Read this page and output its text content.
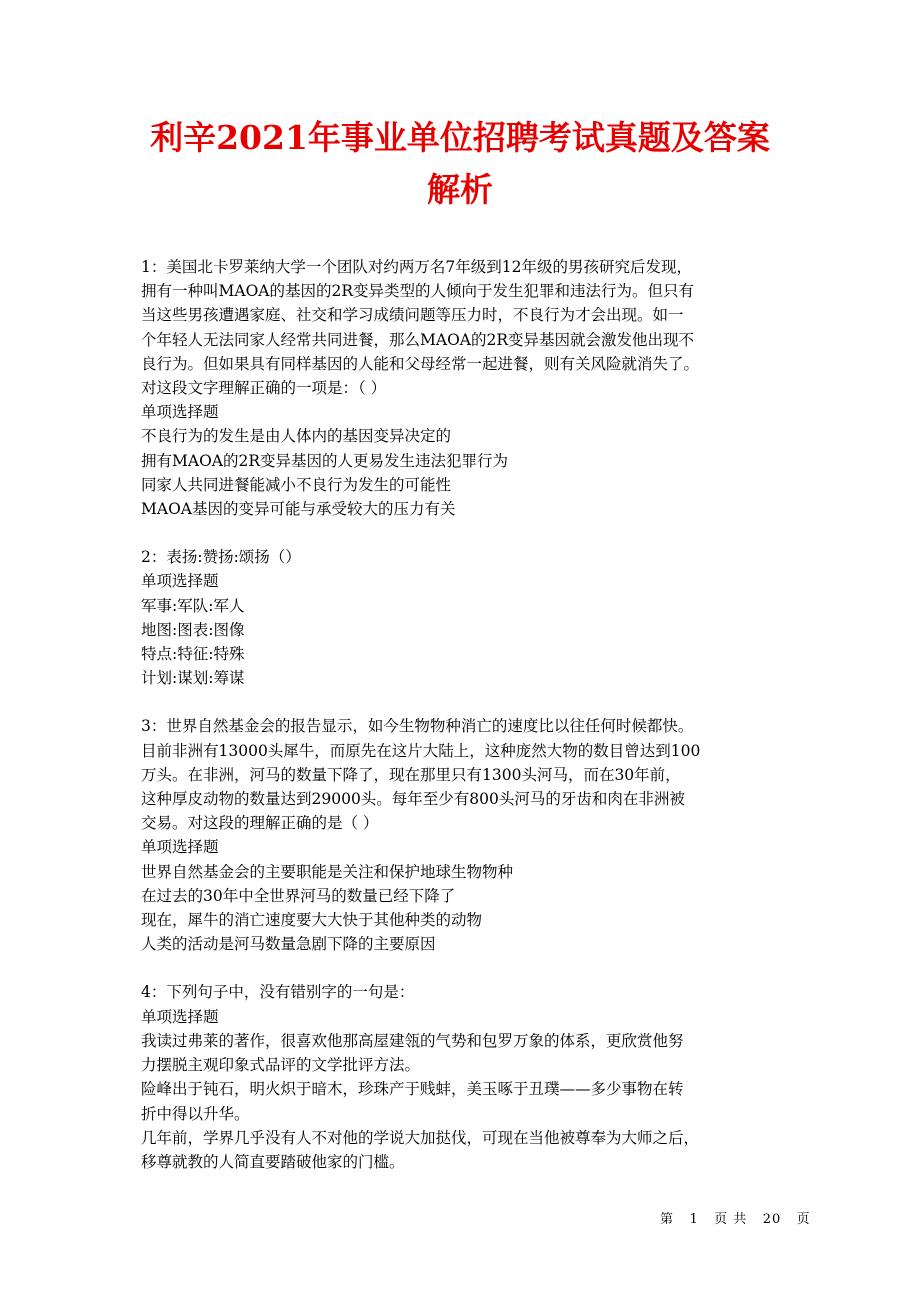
利辛2021年事业单位招聘考试真题及答案
解析

1：美国北卡罗莱纳大学一个团队对约两万名7年级到12年级的男孩研究后发现，

拥有一种叫MAOA的基因的2R变异类型的人倾向于发生犯罪和违法行为。但只有

当这些男孩遭遇家庭、社交和学习成绩问题等压力时，不良行为才会出现。如一

个年轻人无法同家人经常共同进餐，那么MAOA的2R变异基因就会激发他出现不

良行为。但如果具有同样基因的人能和父母经常一起进餐，则有关风险就消失了。

对这段文字理解正确的一项是：（ ）

单项选择题

不良行为的发生是由人体内的基因变异决定的

拥有MAOA的2R变异基因的人更易发生违法犯罪行为

同家人共同进餐能减小不良行为发生的可能性

MAOA基因的变异可能与承受较大的压力有关

2：表扬:赞扬:颂扬（）

单项选择题

军事:军队:军人

地图:图表:图像

特点:特征:特殊

计划:谋划:筹谋

3：世界自然基金会的报告显示，如今生物物种消亡的速度比以往任何时候都快。

目前非洲有13000头犀牛，而原先在这片大陆上，这种庞然大物的数目曾达到100

万头。在非洲，河马的数量下降了，现在那里只有1300头河马，而在30年前，

这种厚皮动物的数量达到29000头。每年至少有800头河马的牙齿和肉在非洲被

交易。对这段的理解正确的是（ ）

单项选择题

世界自然基金会的主要职能是关注和保护地球生物物种

在过去的30年中全世界河马的数量已经下降了

现在，犀牛的消亡速度要大大快于其他种类的动物

人类的活动是河马数量急剧下降的主要原因

4：下列句子中，没有错别字的一句是：

单项选择题

我读过弗莱的著作，很喜欢他那高屋建瓴的气势和包罗万象的体系，更欣赏他努
力摆脱主观印象式品评的文学批评方法。

险峰出于钝石，明火炽于暗木，珍珠产于贱蚌，美玉啄于丑璞——多少事物在转
折中得以升华。

几年前，学界几乎没有人不对他的学说大加挞伐，可现在当他被尊奉为大师之后，
移尊就教的人简直要踏破他家的门槛。

第 1 页 共 20 页
